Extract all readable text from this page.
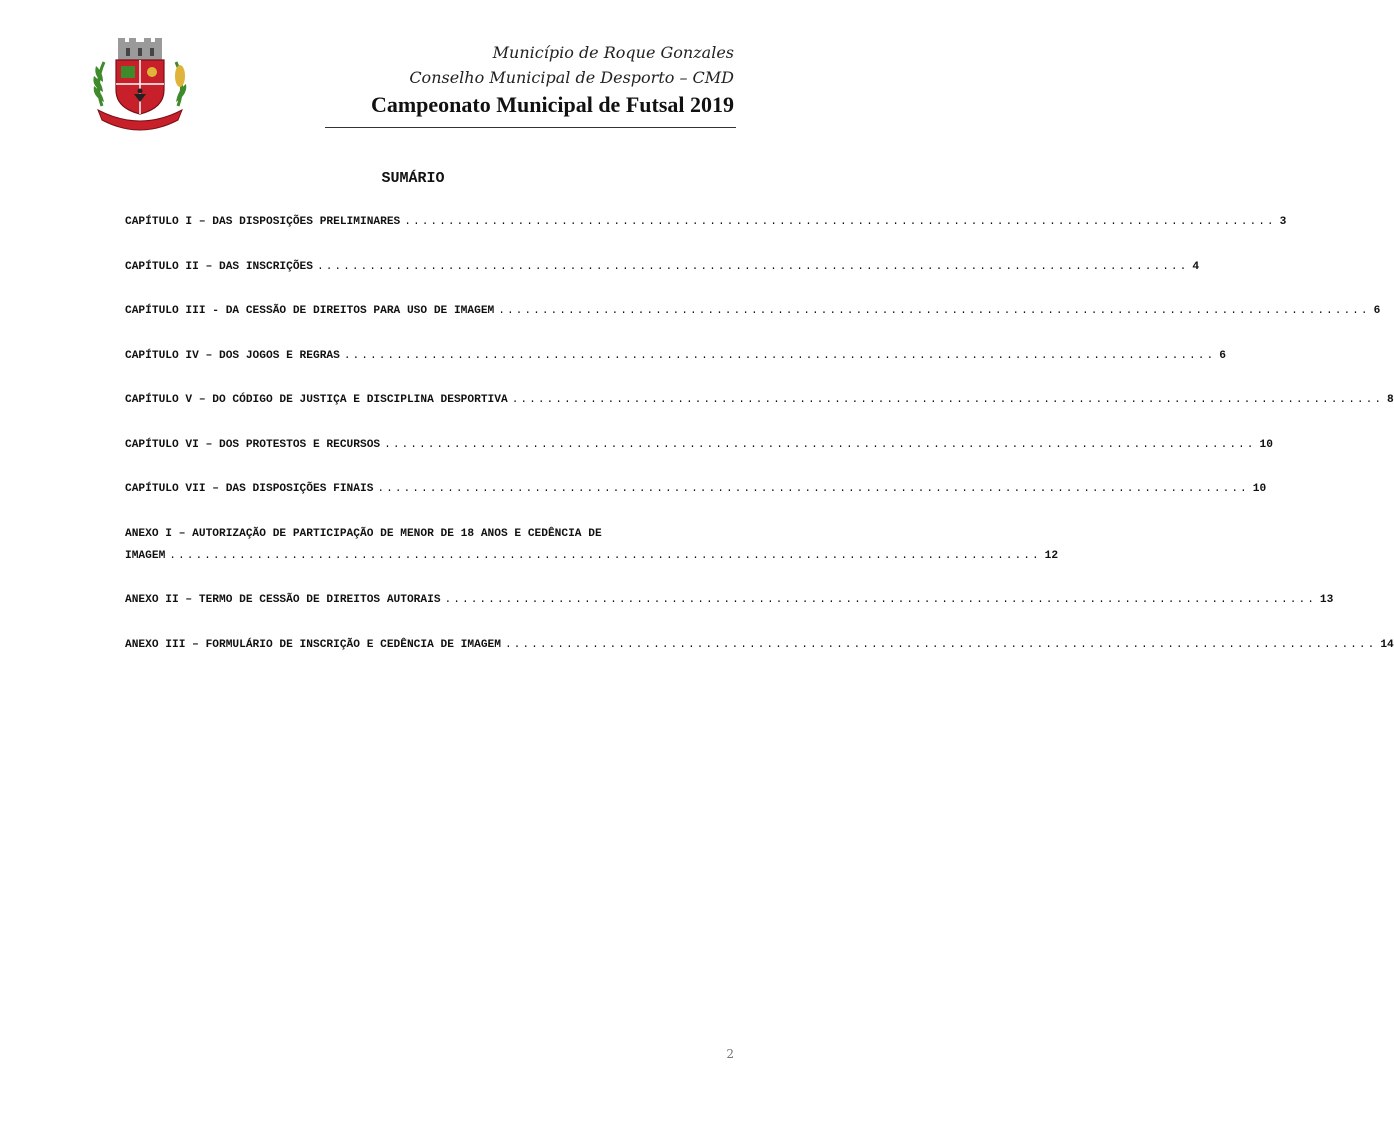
Município de Roque Gonzales
Conselho Municipal de Desporto – CMD
Campeonato Municipal de Futsal 2019
SUMÁRIO
CAPÍTULO I – DAS DISPOSIÇÕES PRELIMINARES .................................................................................................... 3
CAPÍTULO II – DAS INSCRIÇÕES .................................................................................................... 4
CAPÍTULO III - DA CESSÃO DE DIREITOS PARA USO DE IMAGEM .................................................................................................... 6
CAPÍTULO IV – DOS JOGOS E REGRAS .................................................................................................... 6
CAPÍTULO V – DO CÓDIGO DE JUSTIÇA E DISCIPLINA DESPORTIVA .................................................................................................... 8
CAPÍTULO VI – DOS PROTESTOS E RECURSOS .................................................................................................... 10
CAPÍTULO VII – DAS DISPOSIÇÕES FINAIS .................................................................................................... 10
ANEXO I – AUTORIZAÇÃO DE PARTICIPAÇÃO DE MENOR DE 18 ANOS E CEDÊNCIA DE
IMAGEM .................................................................................................... 12
ANEXO II – TERMO DE CESSÃO DE DIREITOS AUTORAIS .................................................................................................... 13
ANEXO III – FORMULÁRIO DE INSCRIÇÃO E CEDÊNCIA DE IMAGEM .................................................................................................... 14
2
